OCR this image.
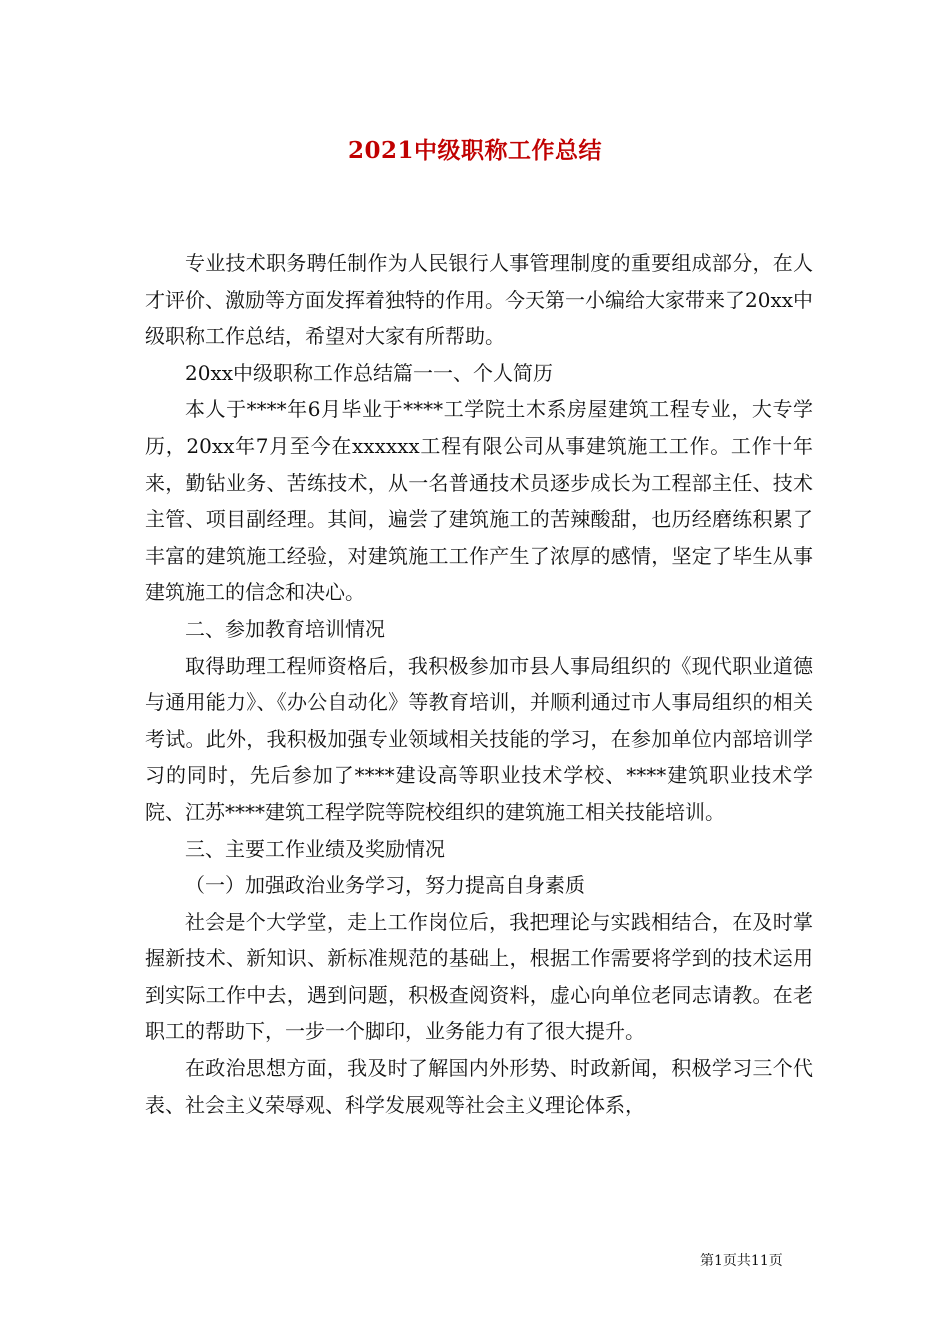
2021中级职称工作总结

专业技术职务聘任制作为人民银行人事管理制度的重要组成部分，在人才评价、激励等方面发挥着独特的作用。今天第一小编给大家带来了20xx中级职称工作总结，希望对大家有所帮助。

20xx中级职称工作总结篇一一、个人简历

本人于****年6月毕业于****工学院土木系房屋建筑工程专业，大专学历，20xx年7月至今在xxxxxx工程有限公司从事建筑施工工作。工作十年来，勤钻业务、苦练技术，从一名普通技术员逐步成长为工程部主任、技术主管、项目副经理。其间，遍尝了建筑施工的苦辣酸甜，也历经磨练积累了丰富的建筑施工经验，对建筑施工工作产生了浓厚的感情，坚定了毕生从事建筑施工的信念和决心。

二、参加教育培训情况

取得助理工程师资格后，我积极参加市县人事局组织的《现代职业道德与通用能力》、《办公自动化》等教育培训，并顺利通过市人事局组织的相关考试。此外，我积极加强专业领域相关技能的学习，在参加单位内部培训学习的同时，先后参加了****建设高等职业技术学校、****建筑职业技术学院、江苏****建筑工程学院等院校组织的建筑施工相关技能培训。

三、主要工作业绩及奖励情况

（一）加强政治业务学习，努力提高自身素质

社会是个大学堂，走上工作岗位后，我把理论与实践相结合，在及时掌握新技术、新知识、新标准规范的基础上，根据工作需要将学到的技术运用到实际工作中去，遇到问题，积极查阅资料，虚心向单位老同志请教。在老职工的帮助下，一步一个脚印，业务能力有了很大提升。

在政治思想方面，我及时了解国内外形势、时政新闻，积极学习三个代表、社会主义荣辱观、科学发展观等社会主义理论体系，

第1页共11页
